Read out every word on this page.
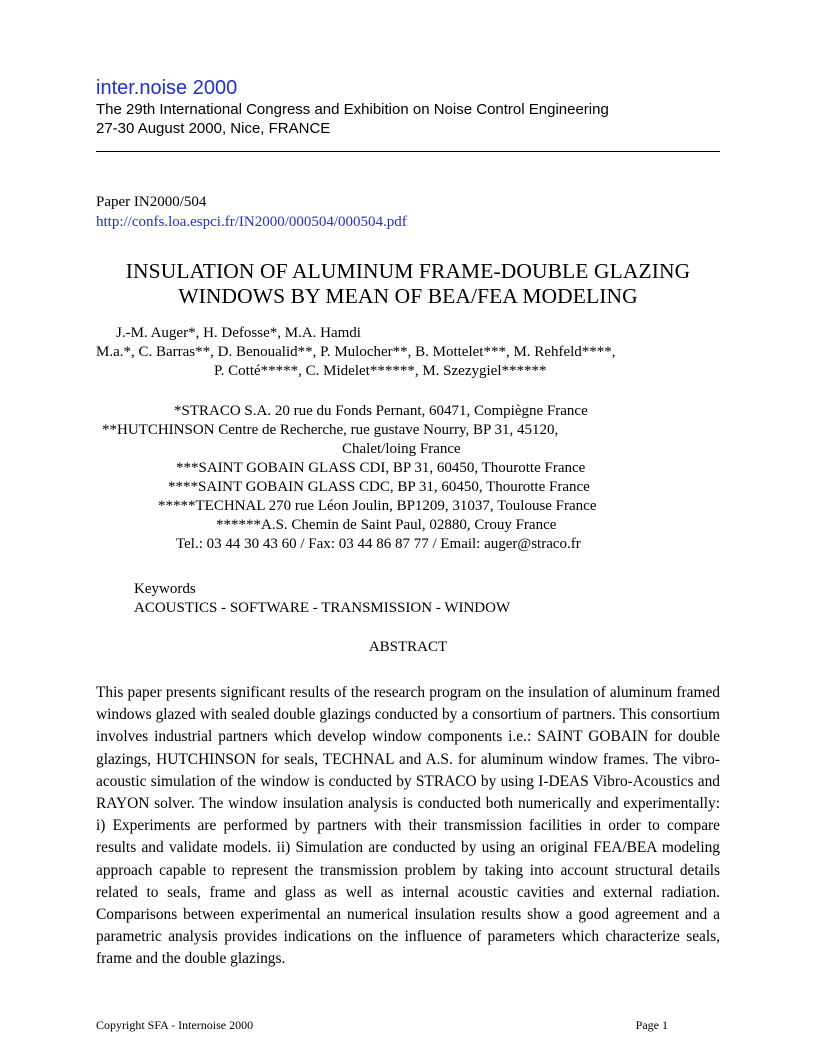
inter.noise 2000
The 29th International Congress and Exhibition on Noise Control Engineering
27-30 August 2000, Nice, FRANCE
Paper IN2000/504
http://confs.loa.espci.fr/IN2000/000504/000504.pdf
INSULATION OF ALUMINUM FRAME-DOUBLE GLAZING
WINDOWS BY MEAN OF BEA/FEA MODELING
J.-M. Auger*, H. Defosse*, M.A. Hamdi
M.a.*, C. Barras**, D. Benoualid**, P. Mulocher**, B. Mottelet***, M. Rehfeld****,
P. Cotté*****, C. Midelet******, M. Szezygiel******
*STRACO S.A. 20 rue du Fonds Pernant, 60471, Compiègne France
**HUTCHINSON Centre de Recherche, rue gustave Nourry, BP 31, 45120,
Chalet/loing France
***SAINT GOBAIN GLASS CDI, BP 31, 60450, Thourotte France
****SAINT GOBAIN GLASS CDC, BP 31, 60450, Thourotte France
*****TECHNAL 270 rue Léon Joulin, BP1209, 31037, Toulouse France
******A.S. Chemin de Saint Paul, 02880, Crouy France
Tel.: 03 44 30 43 60 / Fax: 03 44 86 87 77 / Email: auger@straco.fr
Keywords
ACOUSTICS - SOFTWARE - TRANSMISSION - WINDOW
ABSTRACT
This paper presents significant results of the research program on the insulation of aluminum framed windows glazed with sealed double glazings conducted by a consortium of partners. This consortium involves industrial partners which develop window components i.e.: SAINT GOBAIN for double glazings, HUTCHINSON for seals, TECHNAL and A.S. for aluminum window frames. The vibro-acoustic simulation of the window is conducted by STRACO by using I-DEAS Vibro-Acoustics and RAYON solver. The window insulation analysis is conducted both numerically and experimentally: i) Experiments are performed by partners with their transmission facilities in order to compare results and validate models. ii) Simulation are conducted by using an original FEA/BEA modeling approach capable to represent the transmission problem by taking into account structural details related to seals, frame and glass as well as internal acoustic cavities and external radiation. Comparisons between experimental an numerical insulation results show a good agreement and a parametric analysis provides indications on the influence of parameters which characterize seals, frame and the double glazings.
Copyright SFA - Internoise 2000	Page 1
